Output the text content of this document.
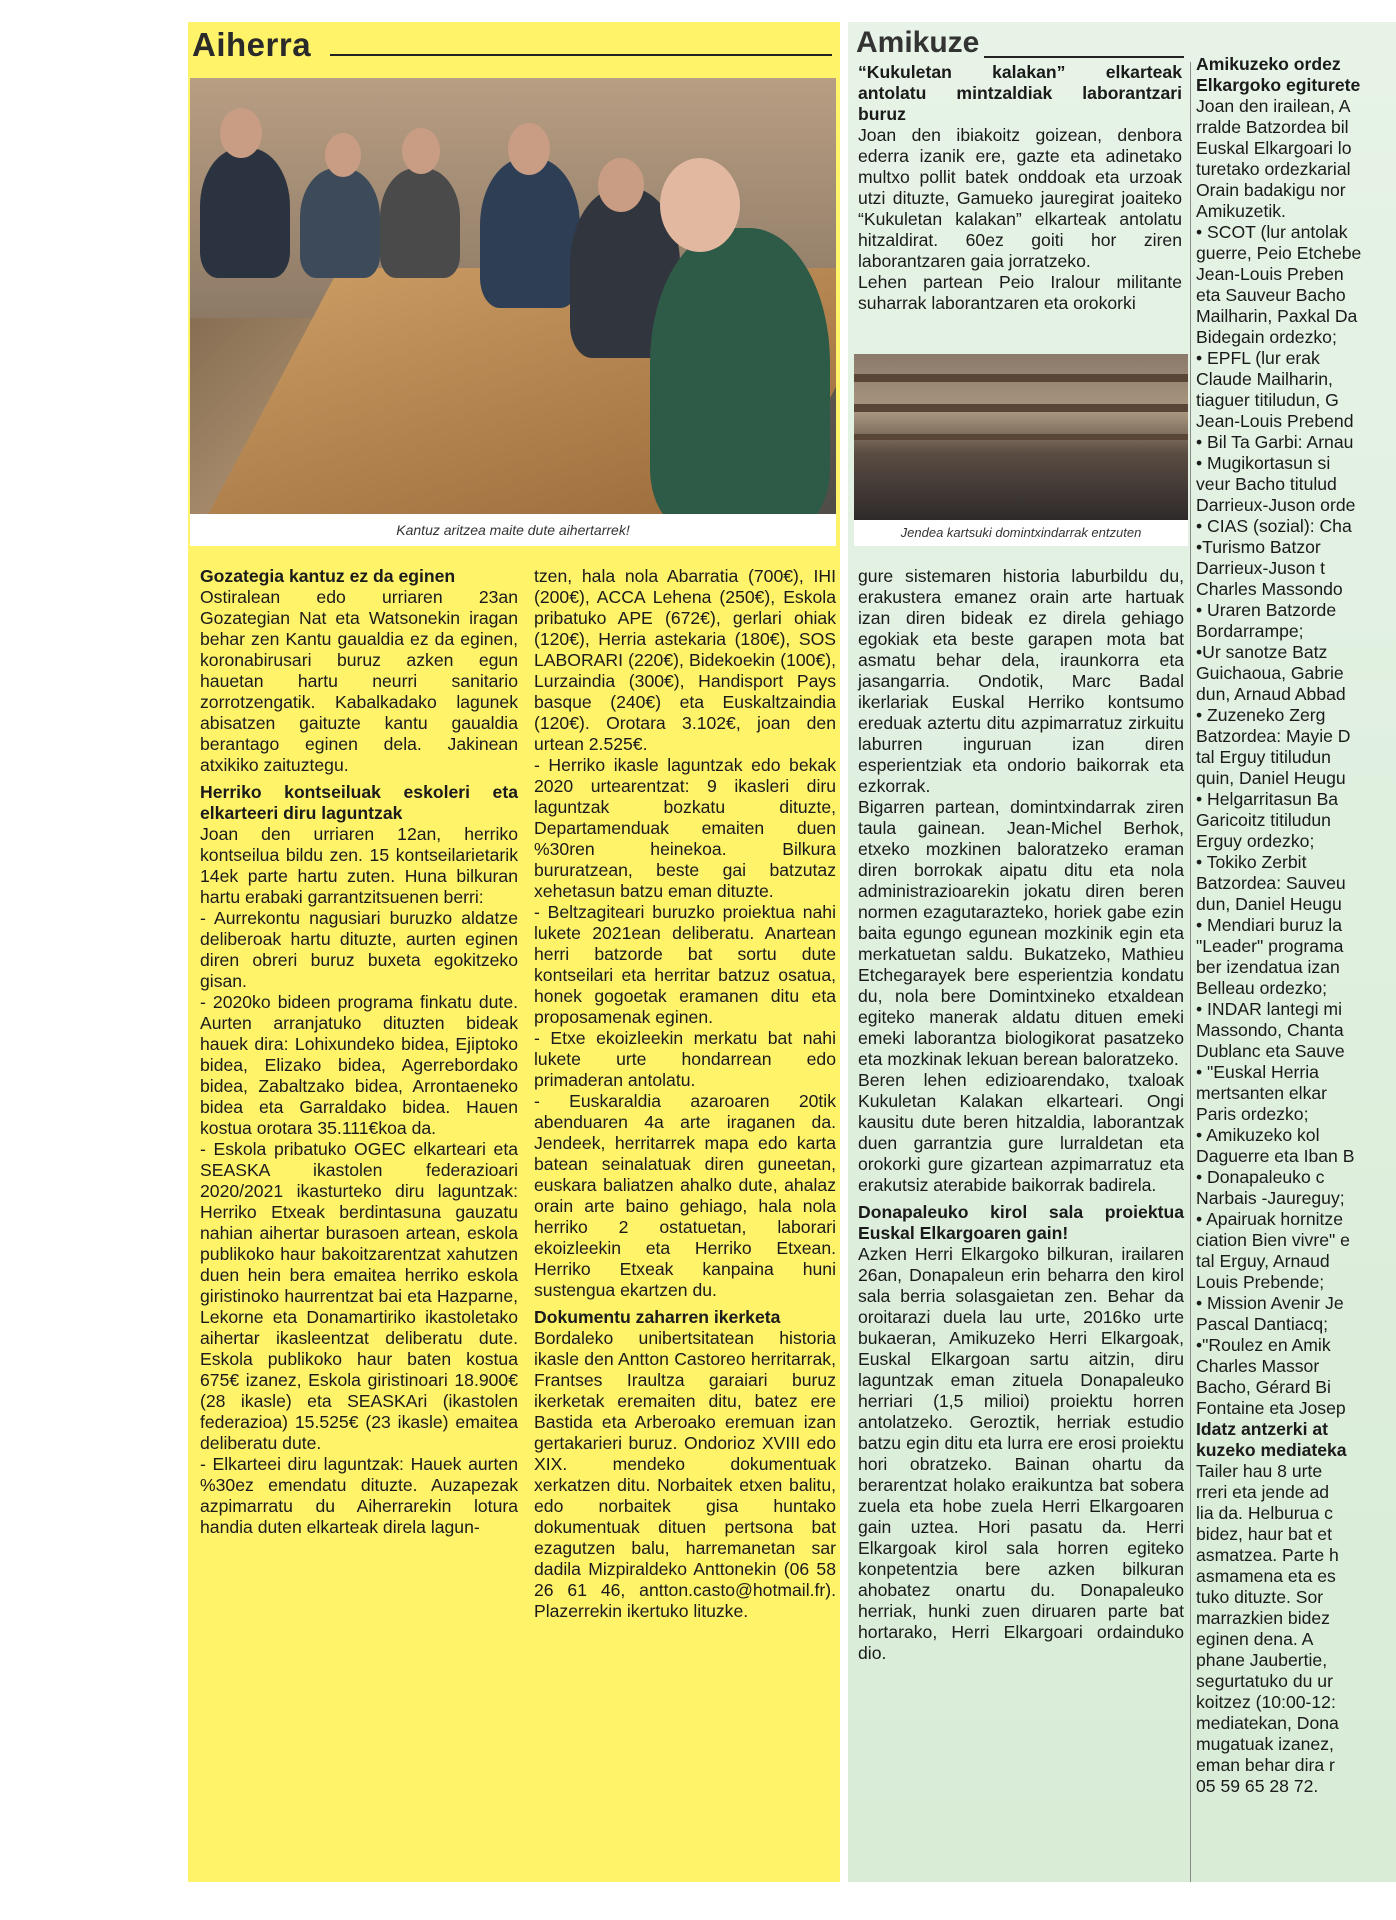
Aiherra
Kantuz aritzea maite dute aihertarrek!

Gozategia kantuz ez da eginen

Ostiralean edo urriaren 23an Gozategian Nat eta Watsonekin iragan behar zen Kantu gaualdia ez da eginen, koronabirusari buruz azken egun hauetan hartu neurri sanitario zorrotzengatik. Kabalkadako lagunek abisatzen gaituzte kantu gaualdia berantago eginen dela. Jakinean atxikiko zaituztegu.

Herriko kontseiluak eskoleri eta elkarteeri diru laguntzak

Joan den urriaren 12an, herriko kontseilua bildu zen. 15 kontseilarietarik 14ek parte hartu zuten. Huna bilkuran hartu erabaki garrantzitsuenen berri:

- Aurrekontu nagusiari buruzko aldatze deliberoak hartu dituzte, aurten eginen diren obreri buruz buxeta egokitzeko gisan.

- 2020ko bideen programa finkatu dute. Aurten arranjatuko dituzten bideak hauek dira: Lohixundeko bidea, Ejiptoko bidea, Elizako bidea, Agerrebordako bidea, Zabaltzako bidea, Arrontaeneko bidea eta Garraldako bidea. Hauen kostua orotara 35.111€koa da.

- Eskola pribatuko OGEC elkarteari eta SEASKA ikastolen federazioari 2020/2021 ikasturteko diru laguntzak: Herriko Etxeak berdintasuna gauzatu nahian aihertar burasoen artean, eskola publikoko haur bakoitzarentzat xahutzen duen hein bera emaitea herriko eskola giristinoko haurrentzat bai eta Hazparne, Lekorne eta Donamartiriko ikastoletako aihertar ikasleentzat deliberatu dute. Eskola publikoko haur baten kostua 675€ izanez, Eskola giristinoari 18.900€ (28 ikasle) eta SEASKAri (ikastolen federazioa) 15.525€ (23 ikasle) emaitea deliberatu dute.

- Elkarteei diru laguntzak: Hauek aurten %30ez emendatu dituzte. Auzapezak azpimarratu du Aiherrarekin lotura handia duten elkarteak direla lagun-

tzen, hala nola Abarratia (700€), IHI (200€), ACCA Lehena (250€), Eskola pribatuko APE (672€), gerlari ohiak (120€), Herria astekaria (180€), SOS LABORARI (220€), Bidekoekin (100€), Lurzaindia (300€), Handisport Pays basque (240€) eta Euskaltzaindia (120€). Orotara 3.102€, joan den urtean 2.525€.

- Herriko ikasle laguntzak edo bekak 2020 urtearentzat: 9 ikasleri diru laguntzak bozkatu dituzte, Departamenduak emaiten duen %30ren heinekoa. Bilkura bururatzean, beste gai batzutaz xehetasun batzu eman dituzte.

- Beltzagiteari buruzko proiektua nahi lukete 2021ean deliberatu. Anartean herri batzorde bat sortu dute kontseilari eta herritar batzuz osatua, honek gogoetak eramanen ditu eta proposamenak eginen.

- Etxe ekoizleekin merkatu bat nahi lukete urte hondarrean edo primaderan antolatu.

- Euskaraldia azaroaren 20tik abenduaren 4a arte iraganen da. Jendeek, herritarrek mapa edo karta batean seinalatuak diren guneetan, euskara baliatzen ahalko dute, ahalaz orain arte baino gehiago, hala nola herriko 2 ostatuetan, laborari ekoizleekin eta Herriko Etxean. Herriko Etxeak kanpaina huni sustengua ekartzen du.

Dokumentu zaharren ikerketa

Bordaleko unibertsitatean historia ikasle den Antton Castoreo herritarrak, Frantses Iraultza garaiari buruz ikerketak eremaiten ditu, batez ere Bastida eta Arberoako eremuan izan gertakarieri buruz. Ondorioz XVIII edo XIX. mendeko dokumentuak xerkatzen ditu. Norbaitek etxen balitu, edo norbaitek gisa huntako dokumentuak dituen pertsona bat ezagutzen balu, harremanetan sar dadila Mizpiraldeko Anttonekin (06 58 26 61 46, antton.casto@hotmail.fr). Plazerrekin ikertuko lituzke.

Amikuze

“Kukuletan kalakan” elkarteak antolatu mintzaldiak laborantzari buruz

Joan den ibiakoitz goizean, denbora ederra izanik ere, gazte eta adinetako multxo pollit batek onddoak eta urzoak utzi dituzte, Gamueko jauregirat joaiteko “Kukuletan kalakan” elkarteak antolatu hitzaldirat. 60ez goiti hor ziren laborantzaren gaia jorratzeko.

Lehen partean Peio Iralour militante suharrak laborantzaren eta orokorki

Jendea kartsuki domintxindarrak entzuten

gure sistemaren historia laburbildu du, erakustera emanez orain arte hartuak izan diren bideak ez direla gehiago egokiak eta beste garapen mota bat asmatu behar dela, iraunkorra eta jasangarria. Ondotik, Marc Badal ikerlariak Euskal Herriko kontsumo ereduak aztertu ditu azpimarratuz zirkuitu laburren inguruan izan diren esperientziak eta ondorio baikorrak eta ezkorrak.

Bigarren partean, domintxindarrak ziren taula gainean. Jean-Michel Berhok, etxeko mozkinen baloratzeko eraman diren borrokak aipatu ditu eta nola administrazioarekin jokatu diren beren normen ezagutarazteko, horiek gabe ezin baita egungo egunean mozkinik egin eta merkatuetan saldu. Bukatzeko, Mathieu Etchegarayek bere esperientzia kondatu du, nola bere Domintxineko etxaldean egiteko manerak aldatu dituen emeki emeki laborantza biologikorat pasatzeko eta mozkinak lekuan berean baloratzeko.

Beren lehen edizioarendako, txaloak Kukuletan Kalakan elkarteari. Ongi kausitu dute beren hitzaldia, laborantzak duen garrantzia gure lurraldetan eta orokorki gure gizartean azpimarratuz eta erakutsiz aterabide baikorrak badirela.

Donapaleuko kirol sala proiektua Euskal Elkargoaren gain!

Azken Herri Elkargoko bilkuran, irailaren 26an, Donapaleun erin beharra den kirol sala berria solasgaietan zen. Behar da oroitarazi duela lau urte, 2016ko urte bukaeran, Amikuzeko Herri Elkargoak, Euskal Elkargoan sartu aitzin, diru laguntzak eman zituela Donapaleuko herriari (1,5 milioi) proiektu horren antolatzeko. Geroztik, herriak estudio batzu egin ditu eta lurra ere erosi proiektu hori obratzeko. Bainan ohartu da berarentzat holako eraikuntza bat sobera zuela eta hobe zuela Herri Elkargoaren gain uztea. Hori pasatu da. Herri Elkargoak kirol sala horren egiteko konpetentzia bere azken bilkuran ahobatez onartu du. Donapaleuko herriak, hunki zuen diruaren parte bat hortarako, Herri Elkargoari ordainduko dio.

Amikuzeko ordez

Elkargoko egiturete

Joan den irailean, A

rralde Batzordea bil

Euskal Elkargoari lo

turetako ordezkarial

Orain badakigu nor

Amikuzetik.

• SCOT (lur antolak

guerre, Peio Etchebe

Jean-Louis Preben

eta Sauveur Bacho

Mailharin, Paxkal Da

Bidegain ordezko;

• EPFL (lur erak

Claude Mailharin,

tiaguer titiludun, G

Jean-Louis Prebend

• Bil Ta Garbi: Arnau

• Mugikortasun si

veur Bacho titulud

Darrieux-Juson orde

• CIAS (sozial): Cha

•Turismo Batzor

Darrieux-Juson t

Charles Massondo

• Uraren Batzorde

Bordarrampe;

•Ur sanotze Batz

Guichaoua, Gabrie

dun, Arnaud Abbad

• Zuzeneko Zerg

Batzordea: Mayie D

tal Erguy titiludun

quin, Daniel Heugu

• Helgarritasun Ba

Garicoitz titiludun

Erguy ordezko;

• Tokiko Zerbit

Batzordea: Sauveu

dun, Daniel Heugu

• Mendiari buruz la

"Leader" programa

ber izendatua izan

Belleau ordezko;

• INDAR lantegi mi

Massondo, Chanta

Dublanc eta Sauve

• "Euskal Herria

mertsanten elkar

Paris ordezko;

• Amikuzeko kol

Daguerre eta Iban B

• Donapaleuko c

Narbais -Jaureguy;

• Apairuak hornitze

ciation Bien vivre" e

tal Erguy, Arnaud

Louis Prebende;

• Mission Avenir Je

Pascal Dantiacq;

•"Roulez en Amik

Charles Massor

Bacho, Gérard Bi

Fontaine eta Josep

Idatz antzerki at

kuzeko mediateka

Tailer hau 8 urte

rreri eta jende ad

lia da. Helburua c

bidez, haur bat et

asmatzea. Parte h

asmamena eta es

tuko dituzte. Sor

marrazkien bidez

eginen dena. A

phane Jaubertie,

segurtatuko du ur

koitzez (10:00-12:

mediatekan, Dona

mugatuak izanez,

eman behar dira r

05 59 65 28 72.
